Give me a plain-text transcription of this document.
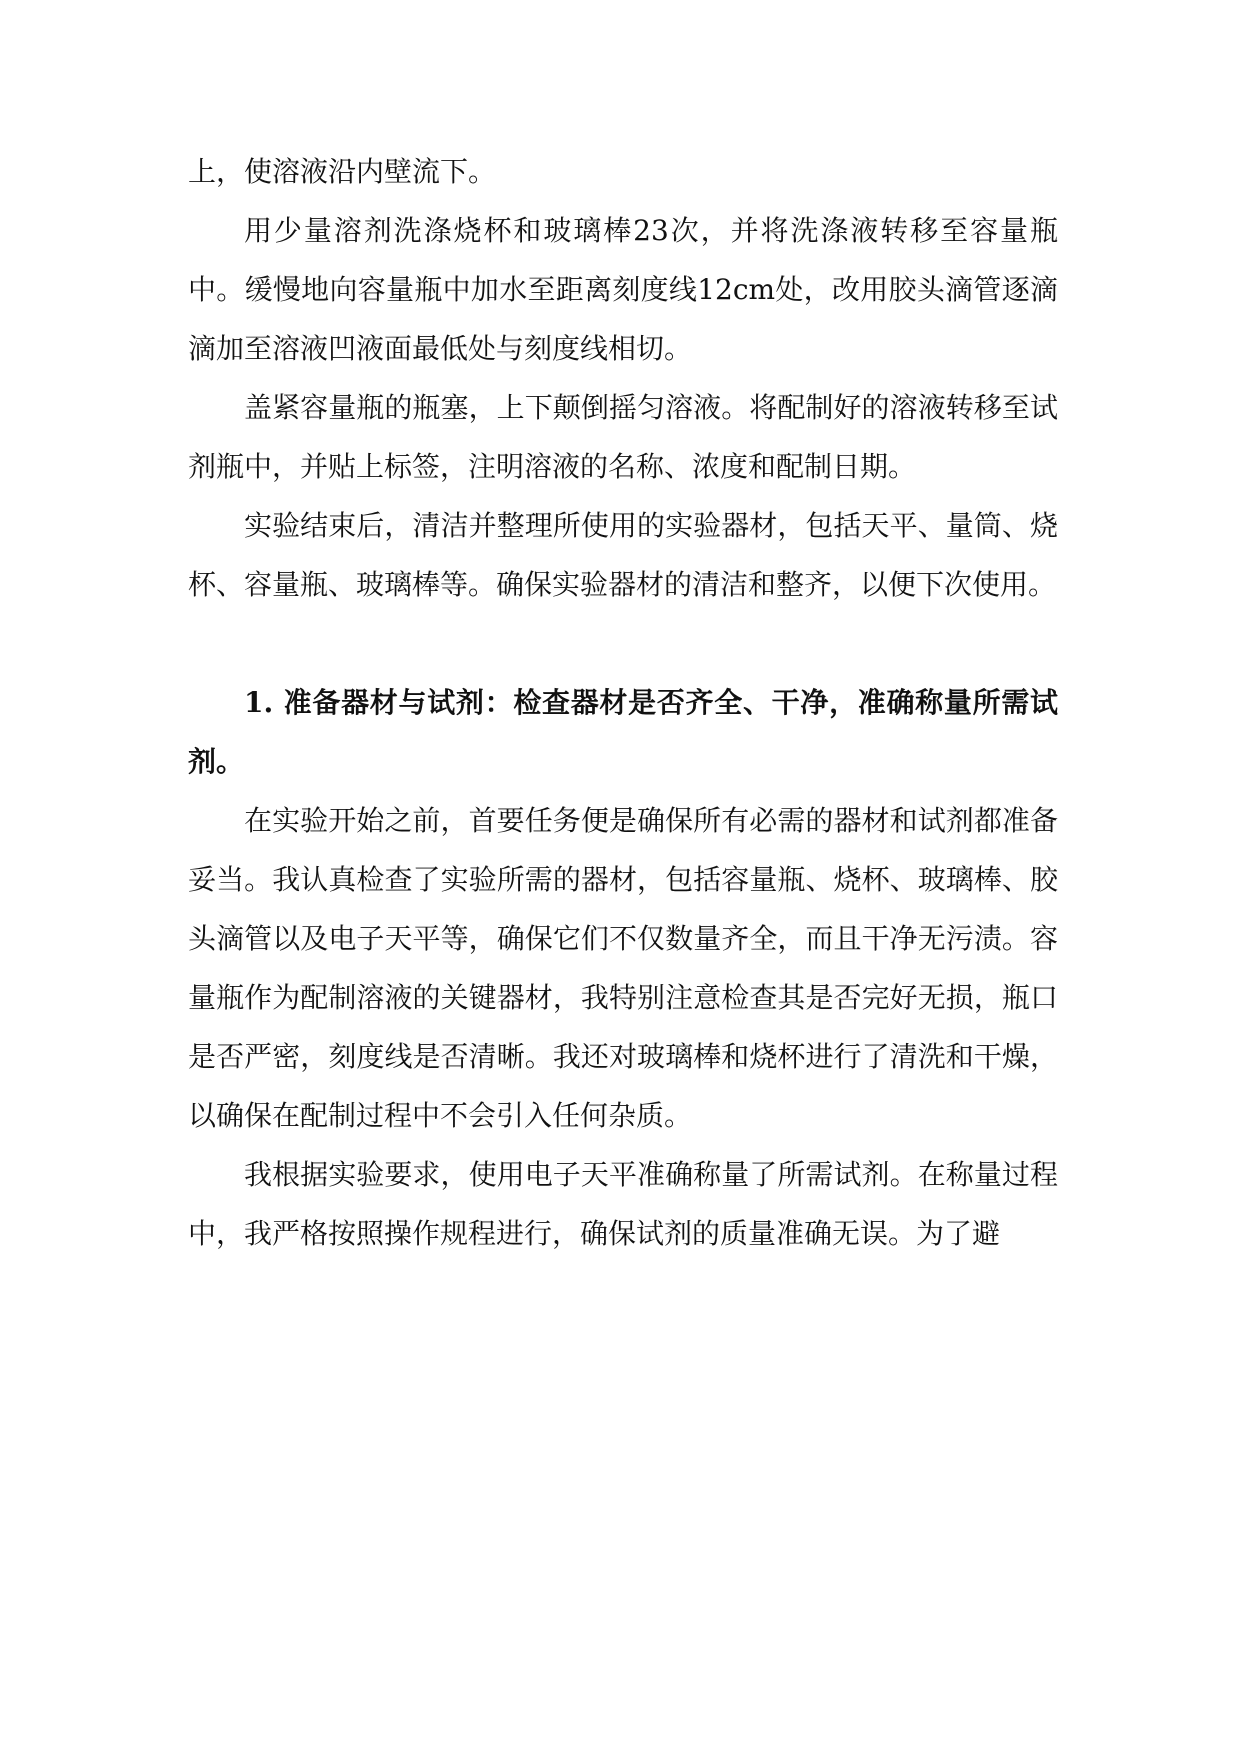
上，使溶液沿内壁流下。

用少量溶剂洗涤烧杯和玻璃棒23次，并将洗涤液转移至容量瓶中。缓慢地向容量瓶中加水至距离刻度线12cm处，改用胶头滴管逐滴滴加至溶液凹液面最低处与刻度线相切。

盖紧容量瓶的瓶塞，上下颠倒摇匀溶液。将配制好的溶液转移至试剂瓶中，并贴上标签，注明溶液的名称、浓度和配制日期。

实验结束后，清洁并整理所使用的实验器材，包括天平、量筒、烧杯、容量瓶、玻璃棒等。确保实验器材的清洁和整齐，以便下次使用。

1. 准备器材与试剂：检查器材是否齐全、干净，准确称量所需试剂。

在实验开始之前，首要任务便是确保所有必需的器材和试剂都准备妥当。我认真检查了实验所需的器材，包括容量瓶、烧杯、玻璃棒、胶头滴管以及电子天平等，确保它们不仅数量齐全，而且干净无污渍。容量瓶作为配制溶液的关键器材，我特别注意检查其是否完好无损，瓶口是否严密，刻度线是否清晰。我还对玻璃棒和烧杯进行了清洗和干燥，以确保在配制过程中不会引入任何杂质。

我根据实验要求，使用电子天平准确称量了所需试剂。在称量过程中，我严格按照操作规程进行，确保试剂的质量准确无误。为了避
